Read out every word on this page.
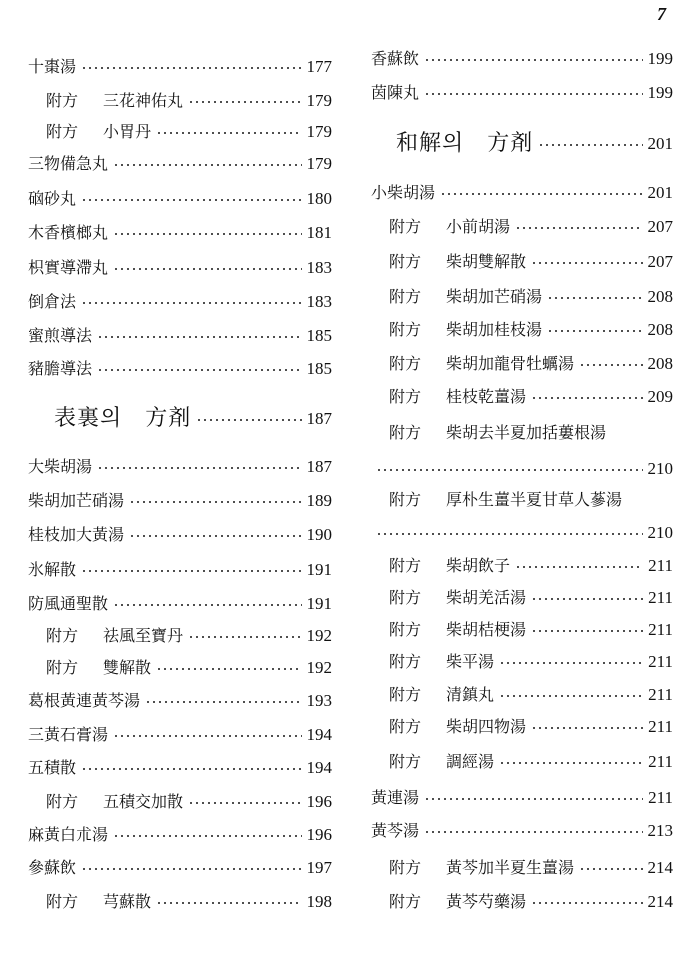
7
十棗湯	177
附方	三花神佑丸	179
附方	小胃丹	179
三物備急丸	179
硇砂丸	180
木香檳榔丸	181
枳實導滯丸	183
倒倉法	183
蜜煎導法	185
豬膽導法	185
表裏의　方剤	187
大柴胡湯	187
柴胡加芒硝湯	189
桂枝加大黃湯	190
氷解散	191
防風通聖散	191
附方	祛風至寶丹	192
附方	雙解散	192
葛根黃連黃芩湯	193
三黃石膏湯	194
五積散	194
附方	五積交加散	196
麻黃白朮湯	196
參蘇飲	197
附方	芎蘇散	198
香蘇飲	199
茵陳丸	199
和解의　方剤	201
小柴胡湯	201
附方	小前胡湯	207
附方	柴胡雙解散	207
附方	柴胡加芒硝湯	208
附方	柴胡加桂枝湯	208
附方	柴胡加龍骨牡蠣湯	208
附方	桂枝乾薑湯	209
附方	柴胡去半夏加括蔞根湯
210
附方	厚朴生薑半夏甘草人蔘湯
210
附方	柴胡飲子	211
附方	柴胡羌活湯	211
附方	柴胡桔梗湯	211
附方	柴平湯	211
附方	清鎮丸	211
附方	柴胡四物湯	211
附方	調經湯	211
黃連湯	211
黃芩湯	213
附方	黃芩加半夏生薑湯	214
附方	黃芩芍藥湯	214
